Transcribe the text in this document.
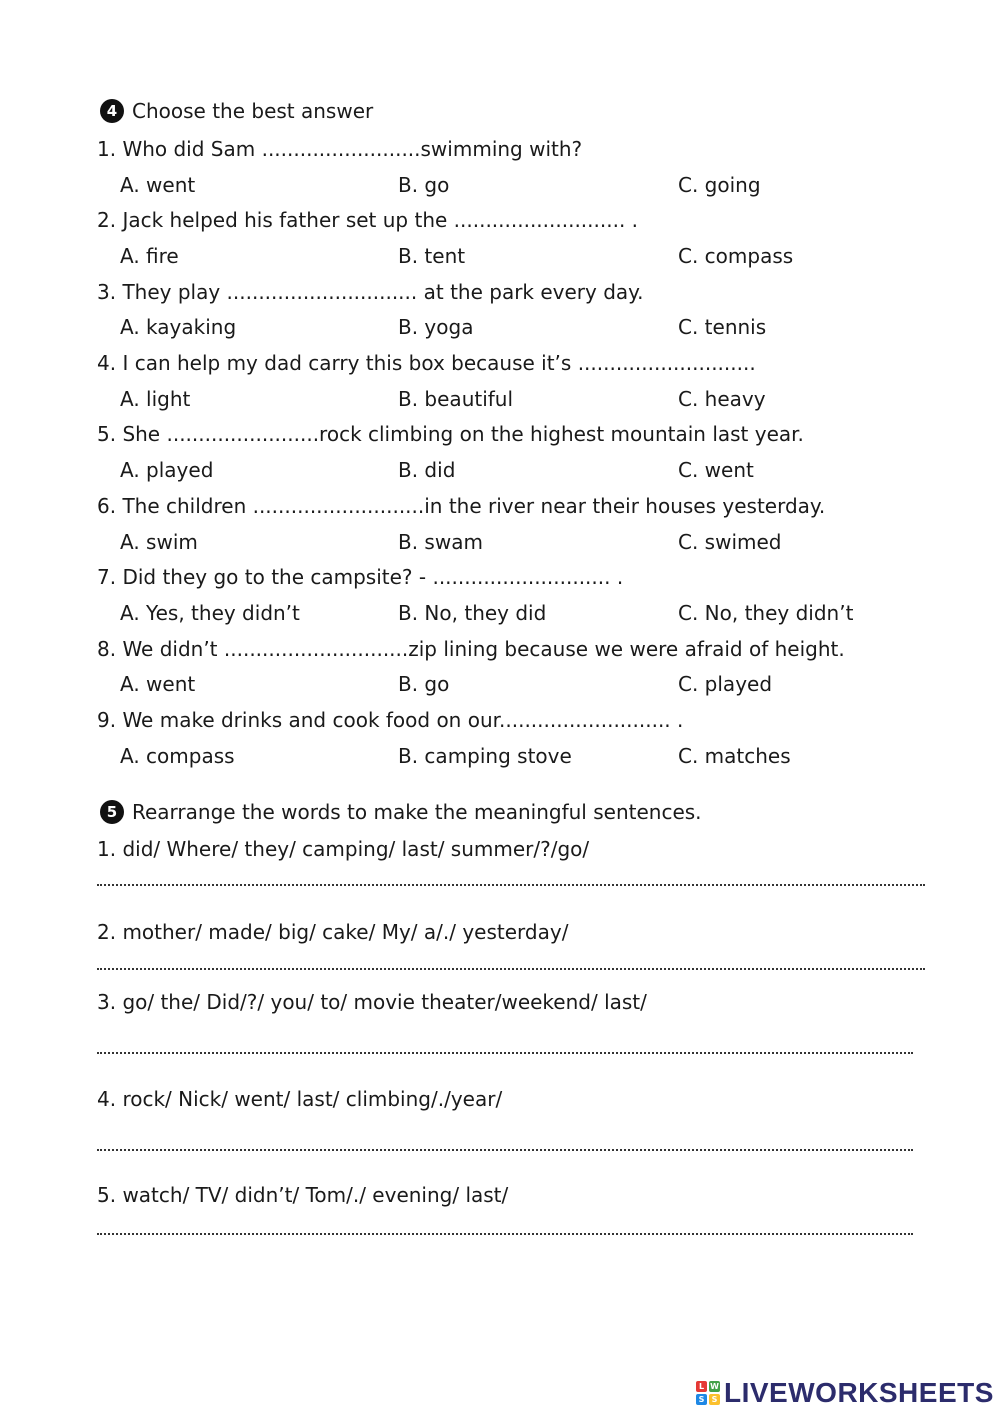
4 Choose the best answer
1. Who did Sam .........................swimming with?
A. went	B. go	C. going
2. Jack helped his father set up the ........................... .
A. fire	B. tent	C. compass
3. They play .............................. at the park every day.
A. kayaking	B. yoga	C. tennis
4. I can help my dad carry this box because it’s ............................
A. light	B. beautiful	C. heavy
5. She ........................rock climbing on the highest mountain last year.
A. played	B. did	C. went
6. The children ...........................in the river near their houses yesterday.
A. swim	B. swam	C. swimed
7. Did they go to the campsite? - ............................ .
A. Yes, they didn’t	B. No, they did	C. No, they didn’t
8. We didn’t .............................zip lining because we were afraid of height.
A. went	B. go	C. played
9. We make drinks and cook food on our........................... .
A. compass	B. camping stove	C. matches
5 Rearrange the words to make the meaningful sentences.
1. did/ Where/ they/ camping/ last/ summer/?/go/
2. mother/ made/ big/ cake/ My/ a/./ yesterday/
3. go/ the/ Did/?/ you/ to/ movie theater/weekend/ last/
4. rock/ Nick/ went/ last/ climbing/./year/
5. watch/ TV/ didn’t/ Tom/./ evening/ last/
L W
S S LIVEWORKSHEETS
